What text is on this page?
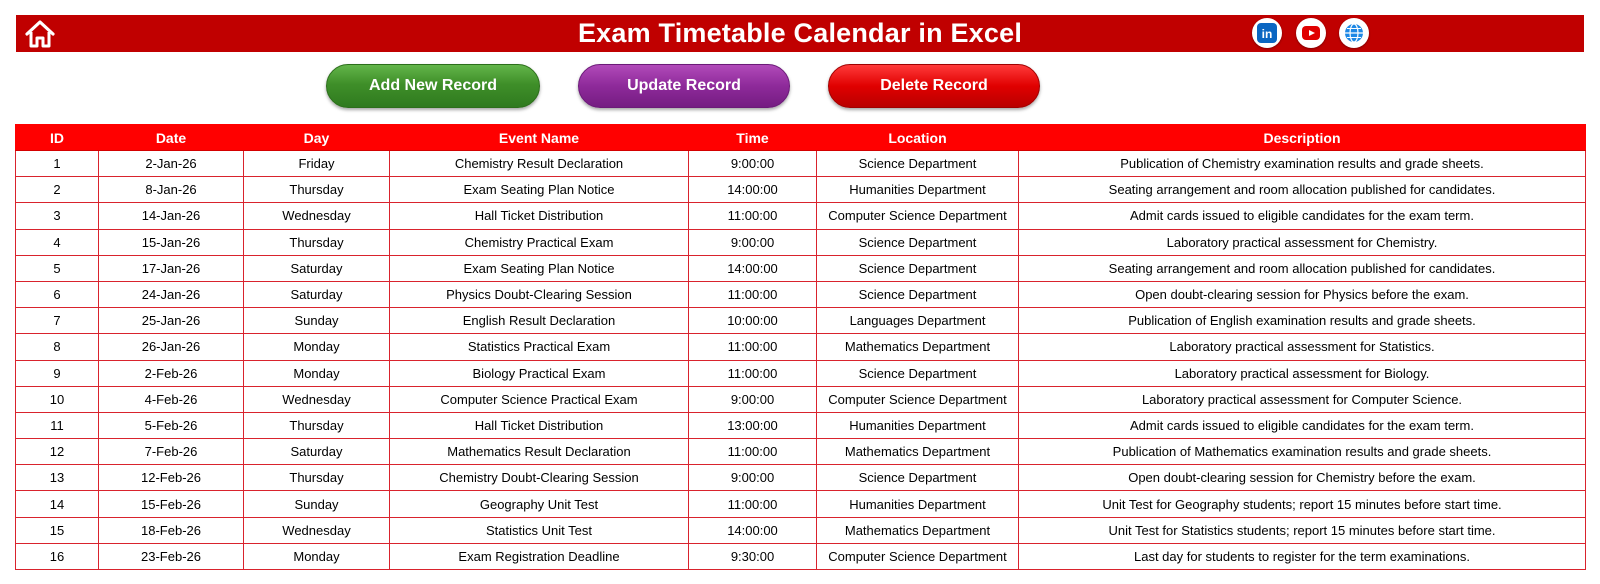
Exam Timetable Calendar in Excel	in
Add New Record	Update Record	Delete Record
ID	Date	Day	Event Name	Time	Location	Description
1	2-Jan-26	Friday	Chemistry Result Declaration	9:00:00	Science Department	Publication of Chemistry examination results and grade sheets.
2	8-Jan-26	Thursday	Exam Seating Plan Notice	14:00:00	Humanities Department	Seating arrangement and room allocation published for candidates.
3	14-Jan-26	Wednesday	Hall Ticket Distribution	11:00:00	Computer Science Department	Admit cards issued to eligible candidates for the exam term.
4	15-Jan-26	Thursday	Chemistry Practical Exam	9:00:00	Science Department	Laboratory practical assessment for Chemistry.
5	17-Jan-26	Saturday	Exam Seating Plan Notice	14:00:00	Science Department	Seating arrangement and room allocation published for candidates.
6	24-Jan-26	Saturday	Physics Doubt-Clearing Session	11:00:00	Science Department	Open doubt-clearing session for Physics before the exam.
7	25-Jan-26	Sunday	English Result Declaration	10:00:00	Languages Department	Publication of English examination results and grade sheets.
8	26-Jan-26	Monday	Statistics Practical Exam	11:00:00	Mathematics Department	Laboratory practical assessment for Statistics.
9	2-Feb-26	Monday	Biology Practical Exam	11:00:00	Science Department	Laboratory practical assessment for Biology.
10	4-Feb-26	Wednesday	Computer Science Practical Exam	9:00:00	Computer Science Department	Laboratory practical assessment for Computer Science.
11	5-Feb-26	Thursday	Hall Ticket Distribution	13:00:00	Humanities Department	Admit cards issued to eligible candidates for the exam term.
12	7-Feb-26	Saturday	Mathematics Result Declaration	11:00:00	Mathematics Department	Publication of Mathematics examination results and grade sheets.
13	12-Feb-26	Thursday	Chemistry Doubt-Clearing Session	9:00:00	Science Department	Open doubt-clearing session for Chemistry before the exam.
14	15-Feb-26	Sunday	Geography Unit Test	11:00:00	Humanities Department	Unit Test for Geography students; report 15 minutes before start time.
15	18-Feb-26	Wednesday	Statistics Unit Test	14:00:00	Mathematics Department	Unit Test for Statistics students; report 15 minutes before start time.
16	23-Feb-26	Monday	Exam Registration Deadline	9:30:00	Computer Science Department	Last day for students to register for the term examinations.
